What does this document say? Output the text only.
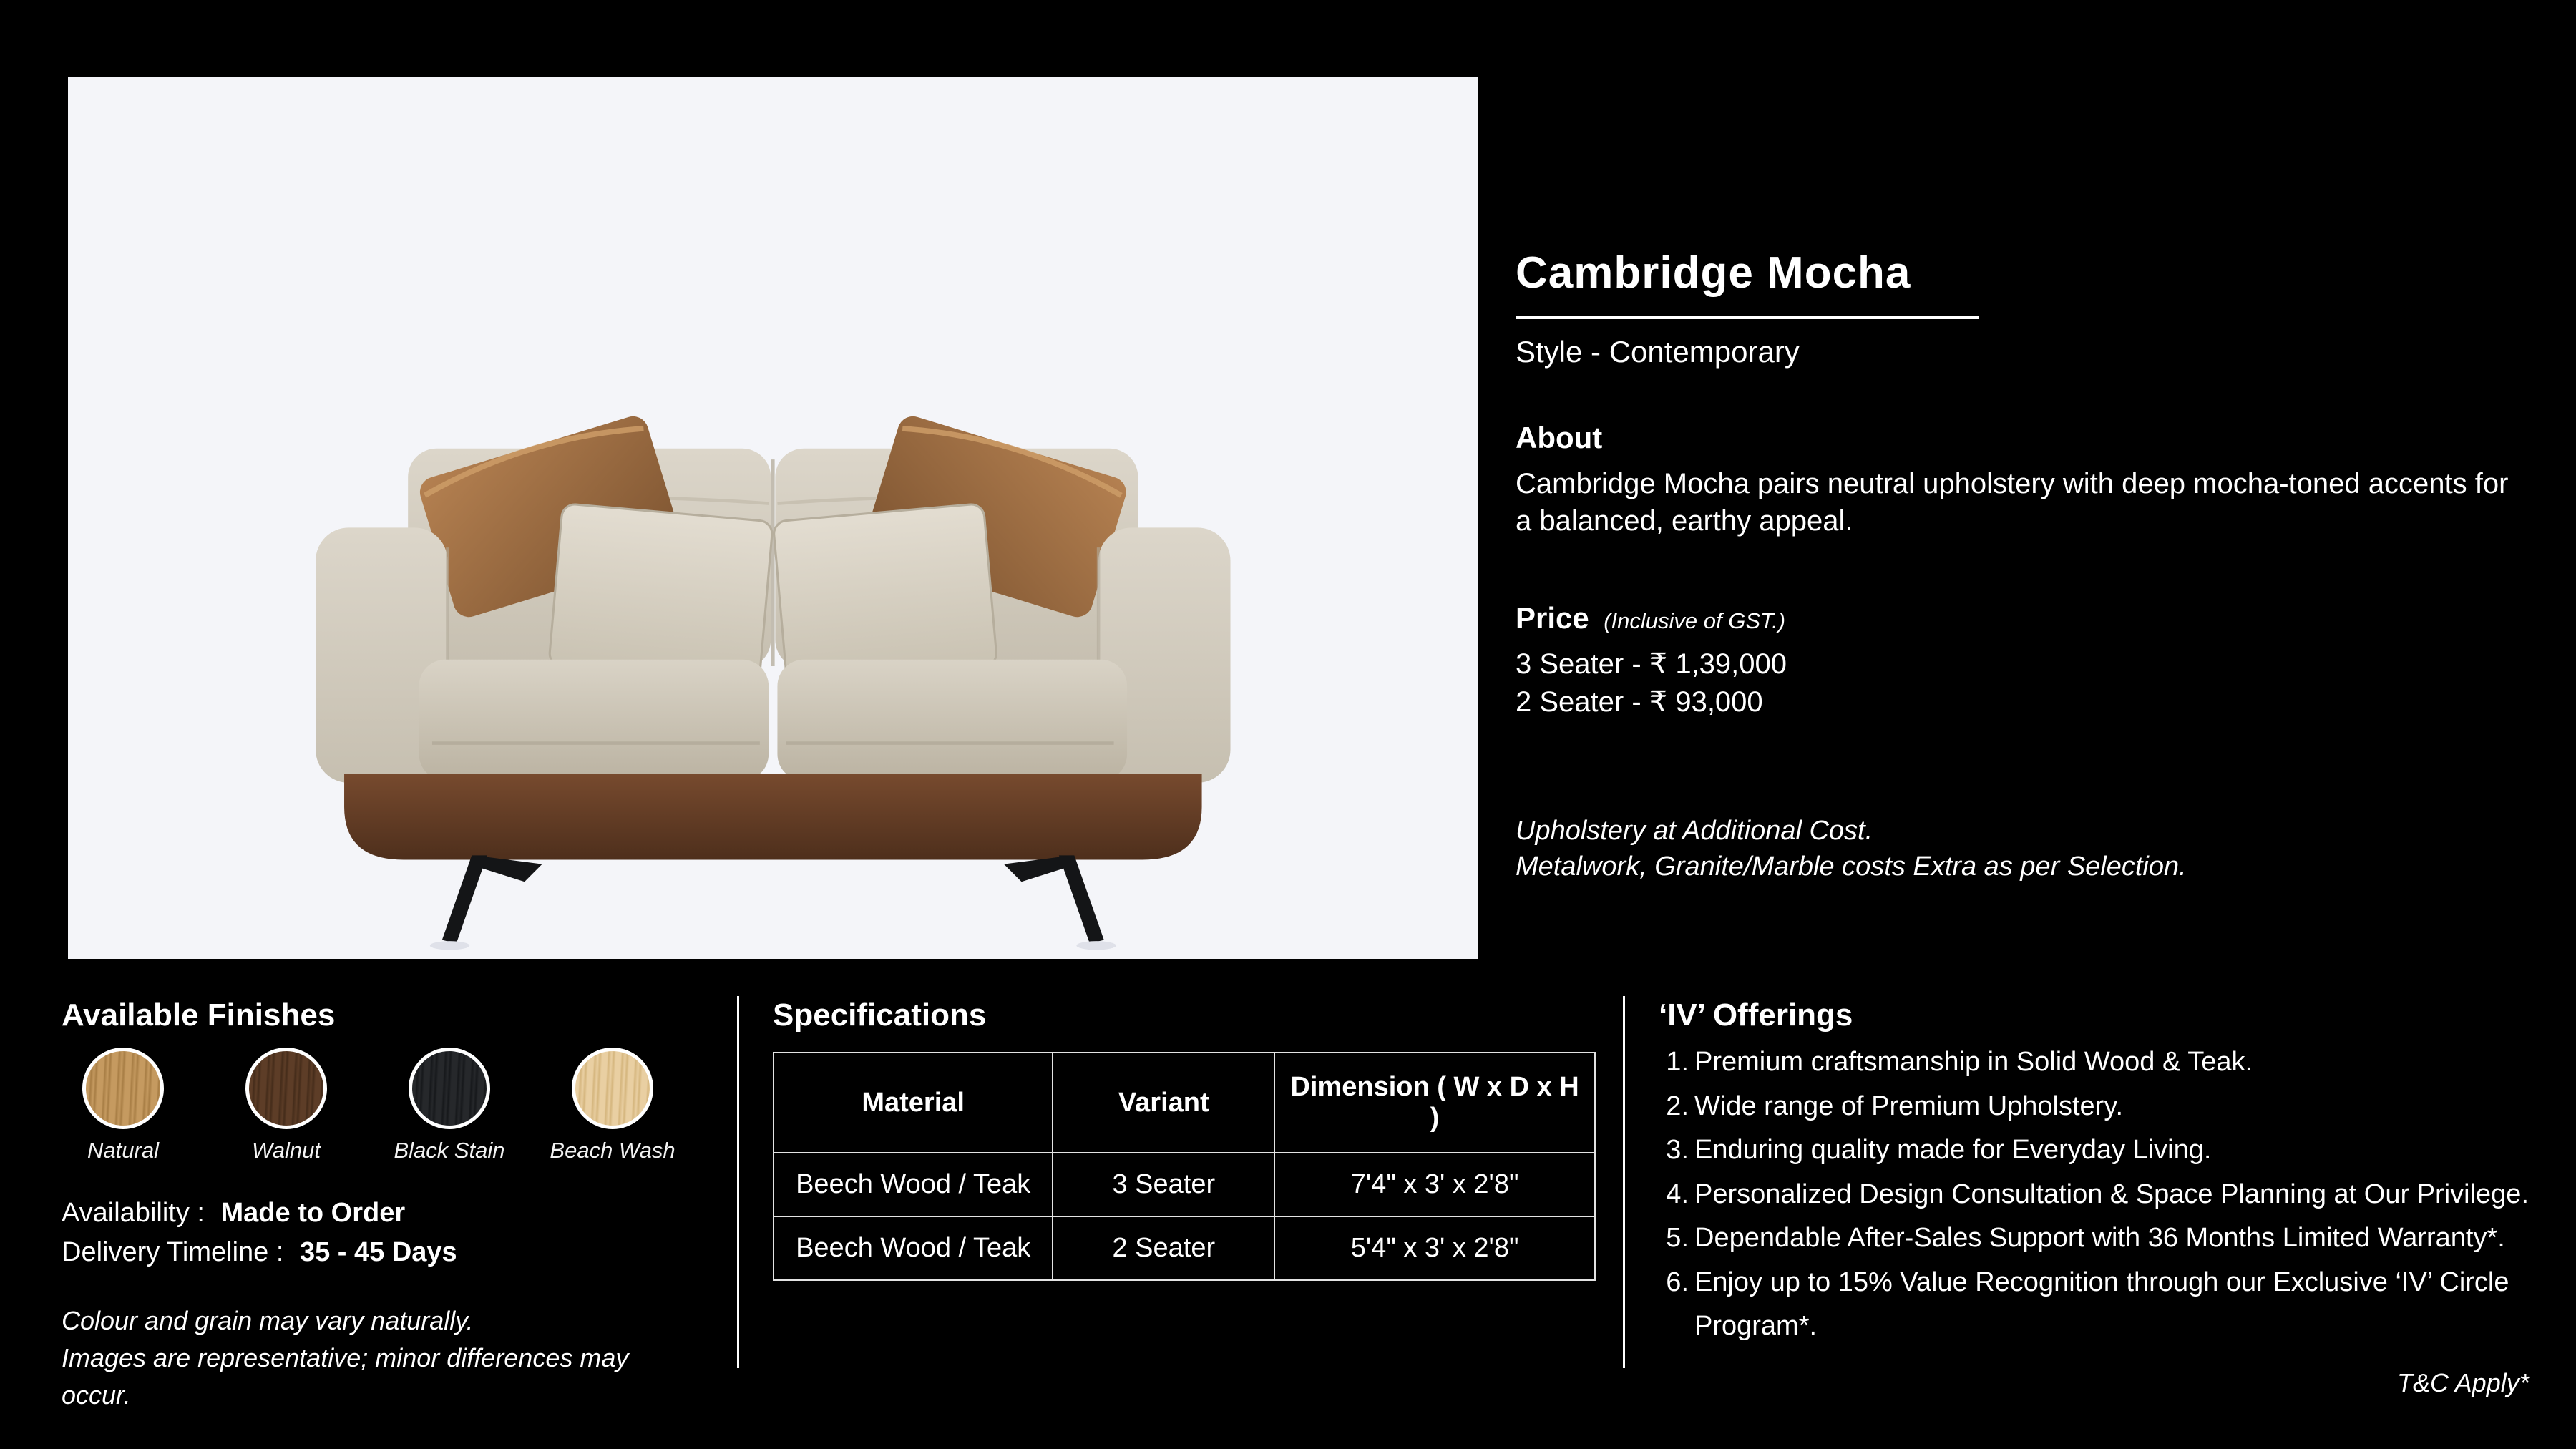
Cambridge Mocha
Style - Contemporary
About
Cambridge Mocha pairs neutral upholstery with deep mocha-toned accents for a balanced, earthy appeal.
Price (Inclusive of GST.)
3 Seater - ₹ 1,39,000
2 Seater - ₹ 93,000
Upholstery at Additional Cost.
Metalwork, Granite/Marble costs Extra as per Selection.
Available Finishes
Natural	Walnut	Black Stain Beach Wash
Availability : Made to Order
Delivery Timeline : 35 - 45 Days
Colour and grain may vary naturally.
Images are representative; minor differences may occur.
Specifications
Material	Variant	Dimension ( W x D x H )
Beech Wood / Teak	3 Seater	7'4" x 3' x 2'8"
Beech Wood / Teak	2 Seater	5'4" x 3' x 2'8"
‘IV’ Offerings
Premium craftsmanship in Solid Wood & Teak.
Wide range of Premium Upholstery.
Enduring quality made for Everyday Living.
Personalized Design Consultation & Space Planning at Our Privilege.
Dependable After-Sales Support with 36 Months Limited Warranty*.
Enjoy up to 15% Value Recognition through our Exclusive ‘IV’ Circle Program*.
T&C Apply*
